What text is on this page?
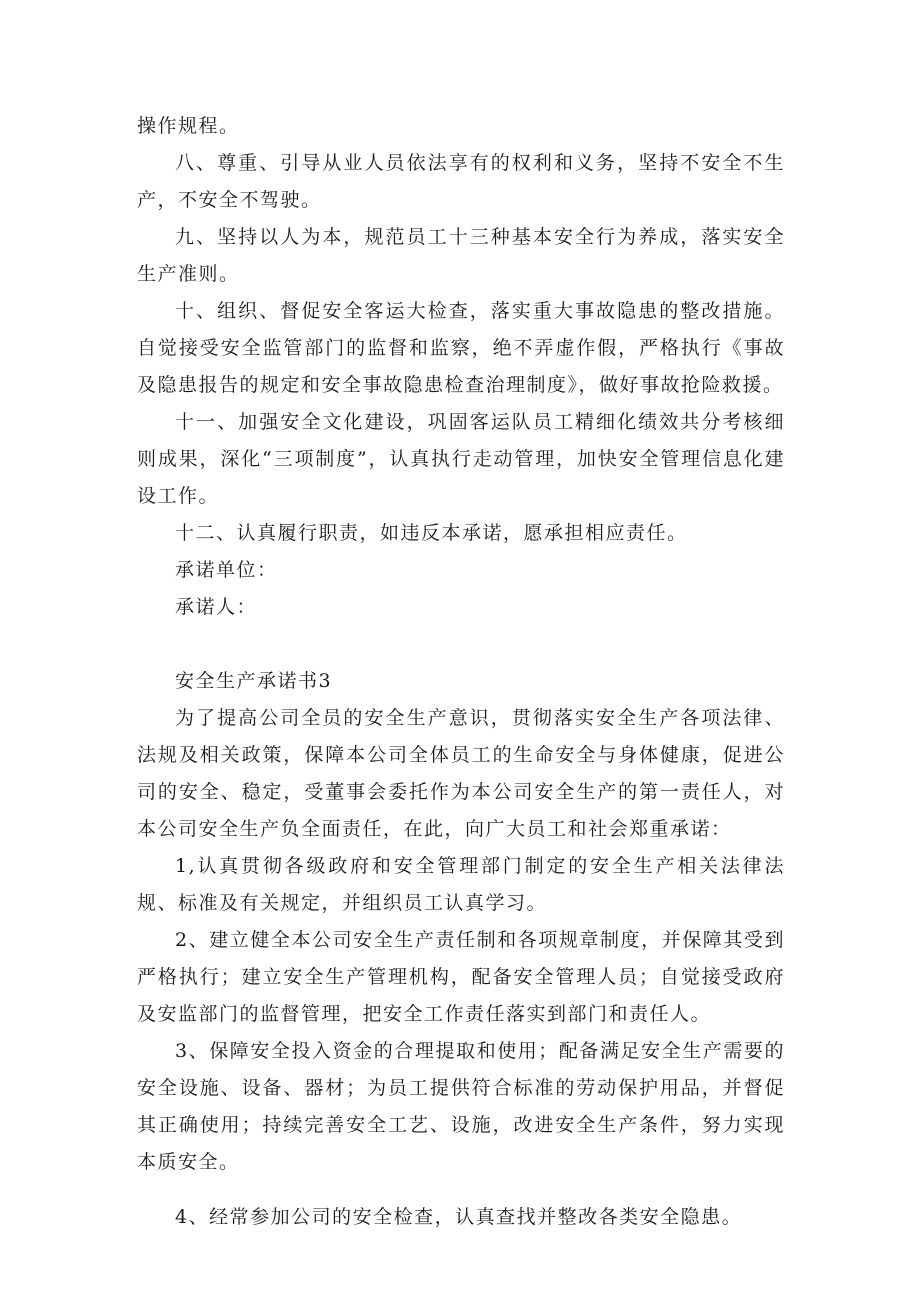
操作规程。

八、尊重、引导从业人员依法享有的权利和义务，坚持不安全不生产，不安全不驾驶。

九、坚持以人为本，规范员工十三种基本安全行为养成，落实安全生产准则。

十、组织、督促安全客运大检查，落实重大事故隐患的整改措施。自觉接受安全监管部门的监督和监察，绝不弄虚作假，严格执行《事故及隐患报告的规定和安全事故隐患检查治理制度》，做好事故抢险救援。

十一、加强安全文化建设，巩固客运队员工精细化绩效共分考核细则成果，深化“三项制度”，认真执行走动管理，加快安全管理信息化建设工作。

十二、认真履行职责，如违反本承诺，愿承担相应责任。

承诺单位：

承诺人：

安全生产承诺书3

为了提高公司全员的安全生产意识，贯彻落实安全生产各项法律、法规及相关政策，保障本公司全体员工的生命安全与身体健康，促进公司的安全、稳定，受董事会委托作为本公司安全生产的第一责任人，对本公司安全生产负全面责任，在此，向广大员工和社会郑重承诺：

1,认真贯彻各级政府和安全管理部门制定的安全生产相关法律法规、标准及有关规定，并组织员工认真学习。

2、建立健全本公司安全生产责任制和各项规章制度，并保障其受到严格执行；建立安全生产管理机构，配备安全管理人员；自觉接受政府及安监部门的监督管理，把安全工作责任落实到部门和责任人。

3、保障安全投入资金的合理提取和使用；配备满足安全生产需要的安全设施、设备、器材；为员工提供符合标准的劳动保护用品，并督促其正确使用；持续完善安全工艺、设施，改进安全生产条件，努力实现本质安全。

4、经常参加公司的安全检查，认真查找并整改各类安全隐患。
